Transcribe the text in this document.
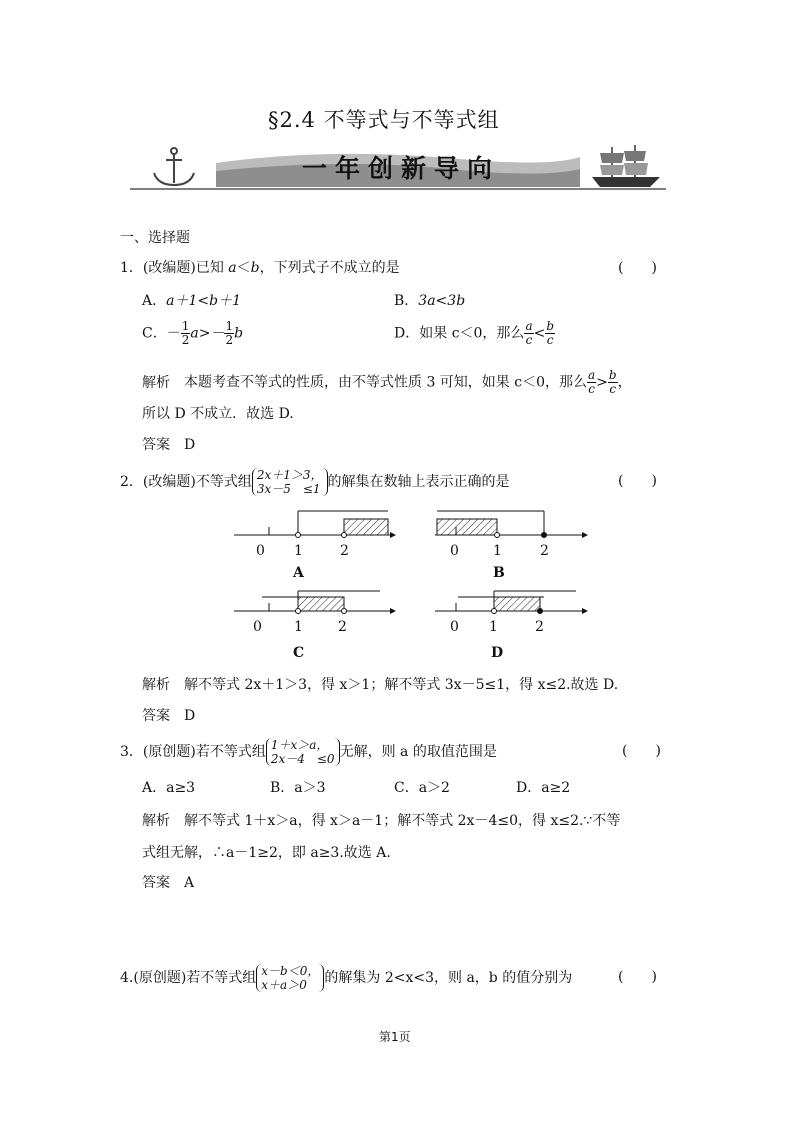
§2.4 不等式与不等式组
一年创新导向
一、选择题
1．(改编题)已知 a＜b，下列式子不成立的是	(　　)
A．a＋1<b＋1	B．3a<3b
C．－ $\frac{1}{2} a>- \frac{1}{2}$ b	D．如果 c＜0，那么 $\frac{a}{c} < \frac{b}{c}$
解析 本题考查不等式的性质，由不等式性质 3 可知，如果 c＜0，那么 $\frac{a}{c} > \frac{b}{c}$ ，
所以 D 不成立．故选 D.
答案 D
2．(改编题)不等式组 2x＋1＞3，
3x－5　≤1 的解集在数轴上表示正确的是	(　　)
0 1	2	0 1	2
0 1	2	0 1	2
A	B
C	D
解析 解不等式 2x＋1＞3，得 x＞1；解不等式 3x－5≤1，得 x≤2.故选 D.
答案 D
3．(原创题)若不等式组 1＋x＞a，
2x－4　≤0 无解，则 a 的取值范围是	(　　)
A．a≥3	B．a＞3	C．a＞2	D．a≥2
解析 解不等式 1＋x＞a，得 x＞a－1；解不等式 2x－4≤0，得 x≤2.∵不等
式组无解，∴a－1≥2，即 a≥3.故选 A.
答案 A
4.(原创题)若不等式组 x－b＜0，
x＋a＞0	的解集为 2<x<3，则 a，b 的值分别为	(　　)
第1页
